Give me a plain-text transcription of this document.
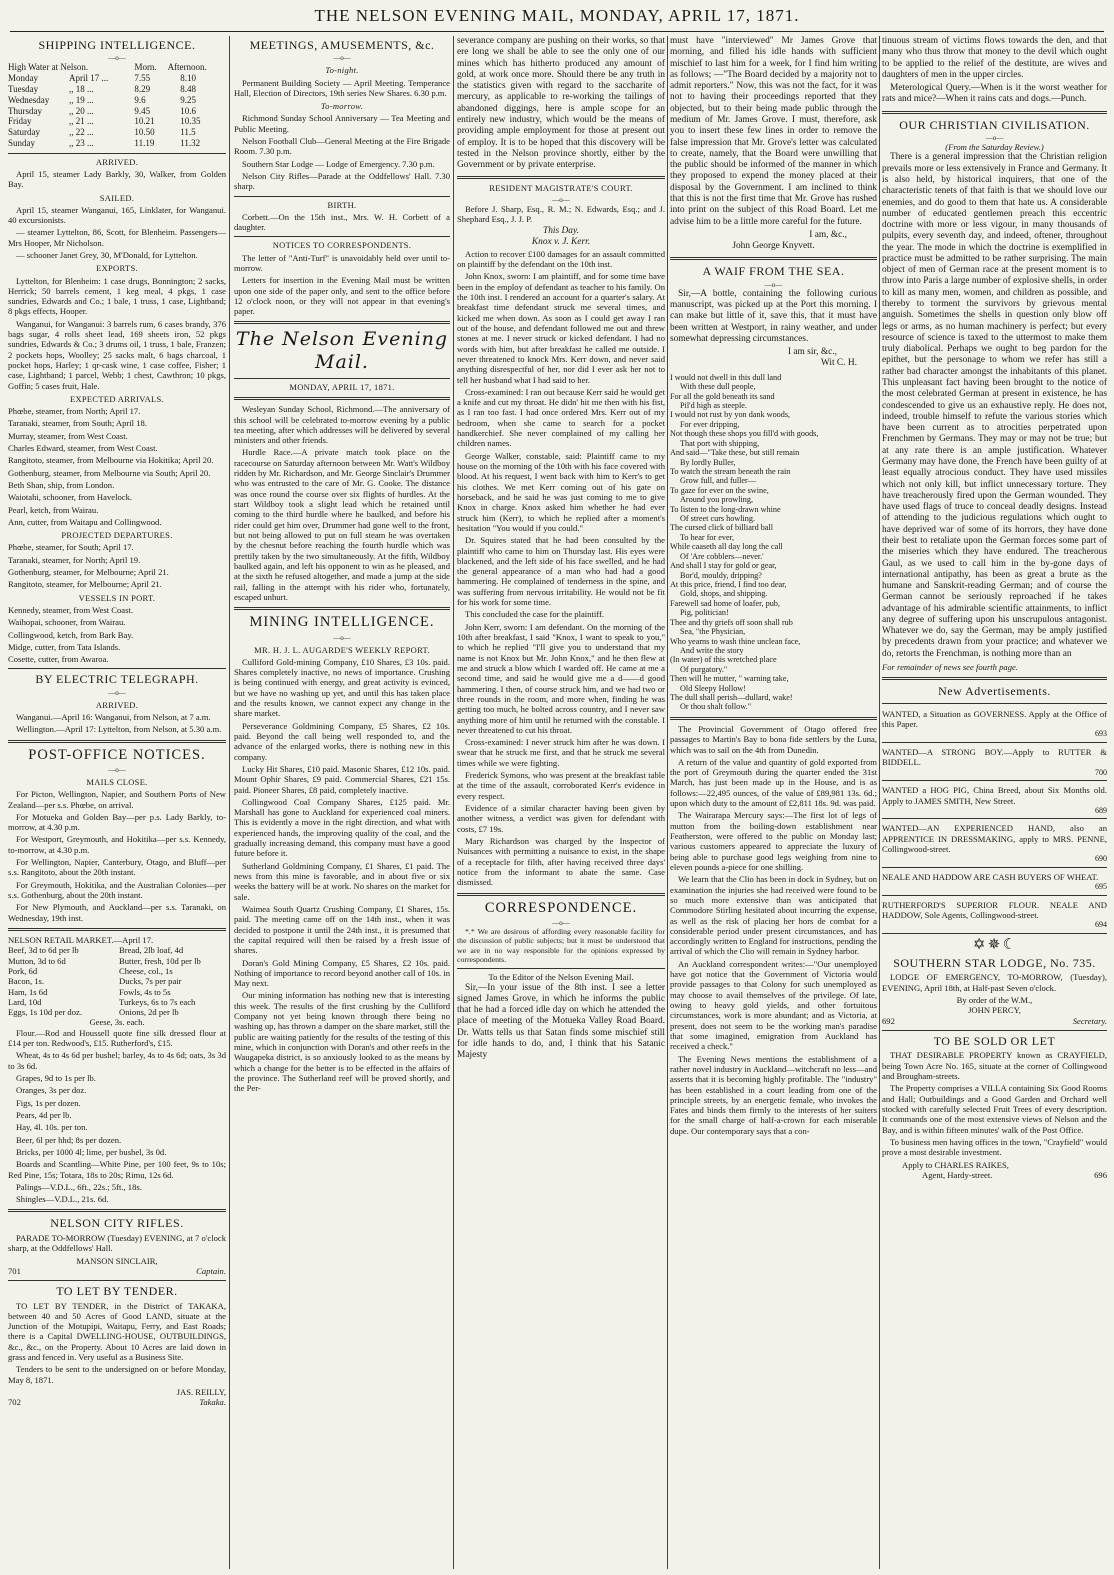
THE NELSON EVENING MAIL, MONDAY, APRIL 17, 1871.
SHIPPING INTELLIGENCE.
—o—
High Water at Nelson.	Morn.	Afternoon.
Monday	April 17 ...	7.55	8.10
Tuesday	,, 18 ...	8.29	8.48
Wednesday	,, 19 ...	9.6	9.25
Thursday	,, 20 ...	9.45	10.6
Friday	,, 21 ...	10.21	10.35
Saturday	,, 22 ...	10.50	11.5
Sunday	,, 23 ...	11.19	11.32
ARRIVED.

April 15, steamer Lady Barkly, 30, Walker, from Golden Bay.

SAILED.

April 15, steamer Wanganui, 165, Linklater, for Wanganui. 40 excursionists.

— steamer Lyttelton, 86, Scott, for Blenheim. Passengers—Mrs Hooper, Mr Nicholson.

— schooner Janet Grey, 30, M'Donald, for Lyttelton.

EXPORTS.

Lyttelton, for Blenheim: 1 case drugs, Bonnington; 2 sacks, Herrick; 50 barrels cement, 1 keg meal, 4 pkgs, 1 case sundries, Edwards and Co.; 1 bale, 1 truss, 1 case, Lightband; 8 pkgs effects, Hooper.

Wanganui, for Wanganui: 3 barrels rum, 6 cases brandy, 376 bags sugar, 4 rolls sheet lead, 169 sheets iron, 52 pkgs sundries, Edwards & Co.; 3 drums oil, 1 truss, 1 bale, Franzen; 2 pockets hops, Woolley; 25 sacks malt, 6 bags charcoal, 1 pocket hops, Harley; 1 qr-cask wine, 1 case coffee, Fisher; 1 case, Lightband; 1 parcel, Webb; 1 chest, Cawthron; 10 pkgs, Goffin; 5 cases fruit, Hale.

EXPECTED ARRIVALS.

Phœbe, steamer, from North; April 17.

Taranaki, steamer, from South; April 18.

Murray, steamer, from West Coast.

Charles Edward, steamer, from West Coast.

Rangitoto, steamer, from Melbourne via Hokitika; April 20.

Gothenburg, steamer, from Melbourne via South; April 20.

Beth Shan, ship, from London.

Waiotahi, schooner, from Havelock.

Pearl, ketch, from Wairau.

Ann, cutter, from Waitapu and Collingwood.

PROJECTED DEPARTURES.

Phœbe, steamer, for South; April 17.

Taranaki, steamer, for North; April 19.

Gothenburg, steamer, for Melbourne; April 21.

Rangitoto, steamer, for Melbourne; April 21.

VESSELS IN PORT.

Kennedy, steamer, from West Coast.

Waihopai, schooner, from Wairau.

Collingwood, ketch, from Bark Bay.

Midge, cutter, from Tata Islands.

Cosette, cutter, from Awaroa.

BY ELECTRIC TELEGRAPH.
—o—
ARRIVED.

Wanganui.—April 16: Wanganui, from Nelson, at 7 a.m.

Wellington.—April 17: Lyttelton, from Nelson, at 5.30 a.m.

POST-OFFICE NOTICES.
—o—
MAILS CLOSE.

For Picton, Wellington, Napier, and Southern Ports of New Zealand—per s.s. Phœbe, on arrival.

For Motueka and Golden Bay—per p.s. Lady Barkly, to-morrow, at 4.30 p.m.

For Westport, Greymouth, and Hokitika—per s.s. Kennedy, to-morrow, at 4.30 p.m.

For Wellington, Napier, Canterbury, Otago, and Bluff—per s.s. Rangitoto, about the 20th instant.

For Greymouth, Hokitika, and the Australian Colonies—per s.s. Gothenburg, about the 20th instant.

For New Plymouth, and Auckland—per s.s. Taranaki, on Wednesday, 19th inst.

NELSON RETAIL MARKET.—April 17.
Beef, 3d to 6d per lb
Mutton, 3d to 6d
Pork, 6d
Bacon, 1s.
Ham, 1s 6d
Lard, 10d
Eggs, 1s 10d per doz.
Bread, 2lb loaf, 4d
Butter, fresh, 10d per lb
Cheese, col., 1s
Ducks, 7s per pair
Fowls, 4s to 5s
Turkeys, 6s to 7s each
Onions, 2d per lb
Geese, 3s. each.

Flour.—Rod and Houssell quote fine silk dressed flour at £14 per ton. Redwood's, £15. Rutherford's, £15.

Wheat, 4s to 4s 6d per bushel; barley, 4s to 4s 6d; oats, 3s 3d to 3s 6d.

Grapes, 9d to 1s per lb.

Oranges, 3s per doz.

Figs, 1s per dozen.

Pears, 4d per lb.

Hay, 4l. 10s. per ton.

Beer, 6l per hhd; 8s per dozen.

Bricks, per 1000 4l; lime, per bushel, 3s 0d.

Boards and Scantling—White Pine, per 100 feet, 9s to 10s; Red Pine, 15s; Totara, 18s to 20s; Rimu, 12s 6d.

Palings—V.D.L., 6ft., 22s.; 5ft., 18s.

Shingles—V.D.L., 21s. 6d.

NELSON CITY RIFLES.

PARADE TO-MORROW (Tuesday) EVENING, at 7 o'clock sharp, at the Oddfellows' Hall.

MANSON SINCLAIR,
701	Captain.
TO LET BY TENDER.

TO LET BY TENDER, in the District of TAKAKA, between 40 and 50 Acres of Good LAND, situate at the Junction of the Motupipi, Waitapu, Ferry, and East Roads; there is a Capital DWELLING-HOUSE, OUTBUILDINGS, &c., &c., on the Property. About 10 Acres are laid down in grass and fenced in. Very useful as a Business Site.

Tenders to be sent to the undersigned on or before Monday, May 8, 1871.

JAS. REILLY,
702	Takaka.
MEETINGS, AMUSEMENTS, &c.
—o—
To-night.

Permanent Building Society — April Meeting. Temperance Hall, Election of Directors, 19th series New Shares. 6.30 p.m.

To-morrow.

Richmond Sunday School Anniversary — Tea Meeting and Public Meeting.

Nelson Football Club—General Meeting at the Fire Brigade Room. 7.30 p.m.

Southern Star Lodge — Lodge of Emergency. 7.30 p.m.

Nelson City Rifles—Parade at the Oddfellows' Hall. 7.30 sharp.

BIRTH.

Corbett.—On the 15th inst., Mrs. W. H. Corbett of a daughter.

NOTICES TO CORRESPONDENTS.

The letter of "Anti-Turf" is unavoidably held over until to-morrow.

Letters for insertion in the Evening Mail must be written upon one side of the paper only, and sent to the office before 12 o'clock noon, or they will not appear in that evening's paper.

The Nelson Evening Mail.
MONDAY, APRIL 17, 1871.

Wesleyan Sunday School, Richmond.—The anniversary of this school will be celebrated to-morrow evening by a public tea meeting, after which addresses will be delivered by several ministers and other friends.

Hurdle Race.—A private match took place on the racecourse on Saturday afternoon between Mr. Watt's Wildboy ridden by Mr. Richardson, and Mr. George Sinclair's Drummer who was entrusted to the care of Mr. G. Cooke. The distance was once round the course over six flights of hurdles. At the start Wildboy took a slight lead which he retained until coming to the third hurdle where he baulked, and before his rider could get him over, Drummer had gone well to the front, but not being allowed to put on full steam he was overtaken by the chesnut before reaching the fourth hurdle which was prettily taken by the two simultaneously. At the fifth, Wildboy baulked again, and left his opponent to win as he pleased, and at the sixth he refused altogether, and made a jump at the side rail, falling in the attempt with his rider who, fortunately, escaped unhurt.

MINING INTELLIGENCE.
—o—
MR. H. J. L. AUGARDE'S WEEKLY REPORT.

Culliford Gold-mining Company, £10 Shares, £3 10s. paid. Shares completely inactive, no news of importance. Crushing is being continued with energy, and great activity is evinced, but we have no washing up yet, and until this has taken place and the results known, we cannot expect any change in the share market.

Perseverance Goldmining Company, £5 Shares, £2 10s. paid. Beyond the call being well responded to, and the advance of the enlarged works, there is nothing new in this company.

Lucky Hit Shares, £10 paid. Masonic Shares, £12 10s. paid. Mount Ophir Shares, £9 paid. Commercial Shares, £21 15s. paid. Pioneer Shares, £8 paid, completely inactive.

Collingwood Coal Company Shares, £125 paid. Mr. Marshall has gone to Auckland for experienced coal miners. This is evidently a move in the right direction, and what with experienced hands, the improving quality of the coal, and the gradually increasing demand, this company must have a good future before it.

Sutherland Goldmining Company, £1 Shares, £1 paid. The news from this mine is favorable, and in about five or six weeks the battery will be at work. No shares on the market for sale.

Waimea South Quartz Crushing Company, £1 Shares, 15s. paid. The meeting came off on the 14th inst., when it was decided to postpone it until the 24th inst., it is presumed that the capital required will then be raised by a fresh issue of shares.

Doran's Gold Mining Company, £5 Shares, £2 10s. paid. Nothing of importance to record beyond another call of 10s. in May next.

Our mining information has nothing new that is interesting this week. The results of the first crushing by the Culliford Company not yet being known through there being no washing up, has thrown a damper on the share market, still the public are waiting patiently for the results of the testing of this mine, which in conjunction with Doran's and other reefs in the Waugapeka district, is so anxiously looked to as the means by which a change for the better is to be effected in the affairs of the province. The Sutherland reef will be proved shortly, and the Per-

severance company are pushing on their works, so that ere long we shall be able to see the only one of our mines which has hitherto produced any amount of gold, at work once more. Should there be any truth in the statistics given with regard to the saccharite of mercury, as applicable to re-working the tailings of abandoned diggings, here is ample scope for an entirely new industry, which would be the means of providing ample employment for those at present out of employ. It is to be hoped that this discovery will be tested in the Nelson province shortly, either by the Government or by private enterprise.

RESIDENT MAGISTRATE'S COURT.
—o—

Before J. Sharp, Esq., R. M.; N. Edwards, Esq.; and J. Shephard Esq., J. J. P.

This Day.
Knox v. J. Kerr.

Action to recover £100 damages for an assault committed on plaintiff by the defendant on the 10th inst.

John Knox, sworn: I am plaintiff, and for some time have been in the employ of defendant as teacher to his family. On the 10th inst. I rendered an account for a quarter's salary. At breakfast time defendant struck me several times, and kicked me when down. As soon as I could get away I ran out of the house, and defendant followed me out and threw stones at me. I never struck or kicked defendant. I had no words with him, but after breakfast he called me outside. I never threatened to knock Mrs. Kerr down, and never said anything disrespectful of her, nor did I ever ask her not to tell her husband what I had said to her.

Cross-examined: I ran out because Kerr said he would get a knife and cut my throat. He didn' hit me then with his fist, as I ran too fast. I had once ordered Mrs. Kerr out of my bedroom, when she came to search for a pocket handkerchief. She never complained of my calling her children names.

George Walker, constable, said: Plaintiff came to my house on the morning of the 10th with his face covered with blood. At his request, I went back with him to Kerr's to get his clothes. We met Kerr coming out of his gate on horseback, and he said he was just coming to me to give Knox in charge. Knox asked him whether he had ever struck him (Kerr), to which he replied after a moment's hesitation "You would if you could."

Dr. Squires stated that he had been consulted by the plaintiff who came to him on Thursday last. His eyes were blackened, and the left side of his face swelled, and he had the general appearance of a man who had had a good hammering. He complained of tenderness in the spine, and was suffering from nervous irritability. He would not be fit for his work for some time.

This concluded the case for the plaintiff.

John Kerr, sworn: I am defendant. On the morning of the 10th after breakfast, I said "Knox, I want to speak to you," to which he replied "I'll give you to understand that my name is not Knox but Mr. John Knox," and he then flew at me and struck a blow which I warded off. He came at me a second time, and said he would give me a d——d good hammering. I then, of course struck him, and we had two or three rounds in the room, and more when, finding he was getting too much, he bolted across country, and I never saw anything more of him until he returned with the constable. I never threatened to cut his throat.

Cross-examined: I never struck him after he was down. I swear that he struck me first, and that he struck me several times while we were fighting.

Frederick Symons, who was present at the breakfast table at the time of the assault, corroborated Kerr's evidence in every respect.

Evidence of a similar character having been given by another witness, a verdict was given for defendant with costs, £7 19s.

Mary Richardson was charged by the Inspector of Nuisances with permitting a nuisance to exist, in the shape of a receptacle for filth, after having received three days' notice from the informant to abate the same. Case dismissed.

CORRESPONDENCE.
—o—

*.* We are desirous of affording every reasonable facility for the discussion of public subjects; but it must be understood that we are in no way responsible for the opinions expressed by correspondents.

To the Editor of the Nelson Evening Mail.

Sir,—In your issue of the 8th inst. I see a letter signed James Grove, in which he informs the public that he had a forced idle day on which he attended the place of meeting of the Motueka Valley Road Board. Dr. Watts tells us that Satan finds some mischief still for idle hands to do, and, I think that his Satanic Majesty

must have "interviewed" Mr James Grove that morning, and filled his idle hands with sufficient mischief to last him for a week, for I find him writing as follows; —"The Board decided by a majority not to admit reporters." Now, this was not the fact, for it was not to having their proceedings reported that they objected, but to their being made public through the medium of Mr. James Grove. I must, therefore, ask you to insert these few lines in order to remove the false impression that Mr. Grove's letter was calculated to create, namely, that the Board were unwilling that the public should be informed of the manner in which they proposed to expend the money placed at their disposal by the Government. I am inclined to think that this is not the first time that Mr. Grove has rushed into print on the subject of this Road Board. Let me advise him to be a little more careful for the future.

I am, &c.,
John George Knyvett.
A WAIF FROM THE SEA.
—o—

Sir,—A bottle, containing the following curious manuscript, was picked up at the Port this morning. I can make but little of it, save this, that it must have been written at Westport, in rainy weather, and under somewhat depressing circumstances.

I am sir, &c.,
Wit C. H.
I would not dwell in this dull land
With these dull people,
For all the gold beneath its sand
Pil'd high as steeple.
I would not rust by yon dank woods,
For ever dripping,
Not though these shops you fill'd with goods,
That port with shipping,
And said—"Take these, but still remain
By lordly Buller,
To watch the stream beneath the rain
Grow full, and fuller—
To gaze for ever on the swine,
Around you prowling,
To listen to the long-drawn whine
Of street curs howling.
The cursed click of billiard ball
To hear for ever,
While caaseth all day long the call
Of 'Are cobblers—never.'
And shall I stay for gold or gear,
Bor'd, mouldy, dripping?
At this price, friend, I find too dear,
Gold, shops, and shipping.
Farewell sad home of loafer, pub,
Pig, politician!
Thee and thy griefs off soon shall rub
Sea, "the Physician,
Who yearns to wash thine unclean face,
And write the story
(In water) of this wretched place
Of purgatory."
Then will he mutter, " warning take,
Old Sleepy Hollow!
The dull shall perish—dullard, wake!
Or thou shalt follow."

The Provincial Government of Otago offered free passages to Martin's Bay to bona fide settlers by the Luna, which was to sail on the 4th from Dunedin.

A return of the value and quantity of gold exported from the port of Greymouth during the quarter ended the 31st March, has just been made up in the House, and is as follows:—22,495 ounces, of the value of £89,981 13s. 6d.; upon which duty to the amount of £2,811 18s. 9d. was paid.

The Wairarapa Mercury says:—The first lot of legs of mutton from the boiling-down establishment near Featherston, were offered to the public on Monday last; various customers appeared to appreciate the luxury of being able to purchase good legs weighing from nine to eleven pounds a-piece for one shilling.

We learn that the Clio has been in dock in Sydney, but on examination the injuries she had received were found to be so much more extensive than was anticipated that Commodore Stirling hesitated about incurring the expense, as well as the risk of placing her hors de combat for a considerable period under present circumstances, and has accordingly written to England for instructions, pending the arrival of which the Clio will remain in Sydney harbor.

An Auckland correspondent writes:—"Our unemployed have got notice that the Government of Victoria would provide passages to that Colony for such unemployed as may choose to avail themselves of the privilege. Of late, owing to heavy gold yields, and other fortuitous circumstances, work is more abundant; and as Victoria, at present, does not seem to be the working man's paradise that some imagined, emigration from Auckland has received a check."

The Evening News mentions the establishment of a rather novel industry in Auckland—witchcraft no less—and asserts that it is becoming highly profitable. The "industry" has been established in a court leading from one of the principle streets, by an energetic female, who invokes the Fates and binds them firmly to the interests of her suiters for the small charge of half-a-crown for each miserable dupe. Our contemporary says that a con-

tinuous stream of victims flows towards the den, and that many who thus throw that money to the devil which ought to be applied to the relief of the destitute, are wives and daughters of men in the upper circles.

Meterological Query.—When is it the worst weather for rats and mice?—When it rains cats and dogs.—Punch.

OUR CHRISTIAN CIVILISATION.
—o—
(From the Saturday Review.)

There is a general impression that the Christian religion prevails more or less extensively in France and Germany. It is also held, by historical inquirers, that one of the characteristic tenets of that faith is that we should love our enemies, and do good to them that hate us. A considerable number of educated gentlemen preach this eccentric doctrine with more or less vigour, in many thousands of pulpits, every seventh day, and indeed, oftener, throughout the year. The mode in which the doctrine is exemplified in practice must be admitted to be rather surprising. The main object of men of German race at the present moment is to throw into Paris a large number of explosive shells, in order to kill as many men, women, and children as possible, and thereby to torment the survivors by grievous mental anguish. Sometimes the shells in question only blow off legs or arms, as no human machinery is perfect; but every resource of science is taxed to the uttermost to make them truly diabolical. Perhaps we ought to beg pardon for the epithet, but the personage to whom we refer has still a rather bad character amongst the inhabitants of this planet. This unpleasant fact having been brought to the notice of the most celebrated German at present in existence, he has condescended to give us an exhaustive reply. He does not, indeed, trouble himself to refute the various stories which have been current as to atrocities perpetrated upon Frenchmen by Germans. They may or may not be true; but at any rate there is an ample justification. Whatever Germany may have done, the French have been guilty of at least equally atrocious conduct. They have used missiles which not only kill, but inflict unnecessary torture. They have treacherously fired upon the German wounded. They have used flags of truce to conceal deadly designs. Instead of attending to the judicious regulations which ought to have deprived war of some of its horrors, they have done their best to retaliate upon the German forces some part of the miseries which they have endured. The treacherous Gaul, as we used to call him in the by-gone days of international antipathy, has been as great a brute as the humane and Sanskrit-reading German; and of course the German cannot be seriously reproached if he takes advantage of his admirable scientific attainments, to inflict any degree of suffering upon his unscrupulous antagonist. Whatever we do, say the German, may be amply justified by precedents drawn from your practice; and whatever we do, retorts the Frenchman, is nothing more than an

For remainder of news see fourth page.
New Advertisements.
WANTED, a Situation as GOVERNESS. Apply at the Office of this Paper.
693
WANTED—A STRONG BOY.—Apply to RUTTER & BIDDELL.
700
WANTED a HOG PIG, China Breed, about Six Months old. Apply to JAMES SMITH, New Street.
689
WANTED—AN EXPERIENCED HAND, also an APPRENTICE IN DRESSMAKING, apply to MRS. PENNE, Collingwood-street.
690
NEALE AND HADDOW ARE CASH BUYERS OF WHEAT.
695
RUTHERFORD'S SUPERIOR FLOUR. NEALE AND HADDOW, Sole Agents, Collingwood-street.
694
✡ ✵ ☾
SOUTHERN STAR LODGE, No. 735.

LODGE OF EMERGENCY, TO-MORROW, (Tuesday), EVENING, April 18th, at Half-past Seven o'clock.

By order of the W.M.,
JOHN PERCY,
692	Secretary.
TO BE SOLD OR LET

THAT DESIRABLE PROPERTY known as CRAYFIELD, being Town Acre No. 165, situate at the corner of Collingwood and Brougham-streets.

The Property comprises a VILLA containing Six Good Rooms and Hall; Outbuildings and a Good Garden and Orchard well stocked with carefully selected Fruit Trees of every description. It commands one of the most extensive views of Nelson and the Bay, and is within fifteen minutes' walk of the Post Office.

To business men having offices in the town, "Crayfield" would prove a most desirable investment.

Apply to CHARLES RAIKES,
Agent, Hardy-street.	696
